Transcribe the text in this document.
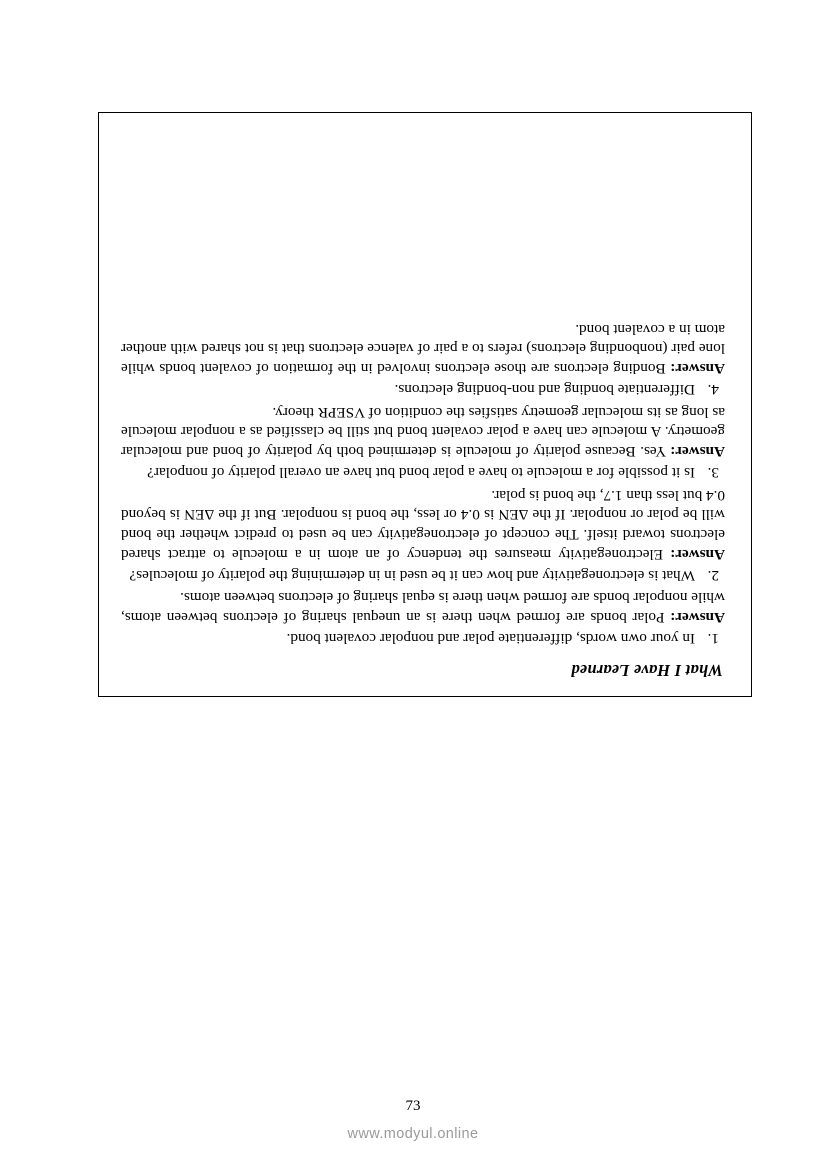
What I Have Learned
1.
In your own words, differentiate polar and nonpolar covalent bond.
Answer: Polar bonds are formed when there is an unequal sharing of electrons between atoms, while nonpolar bonds are formed when there is equal sharing of electrons between atoms.
2.
What is electronegativity and how can it be used in in determining the polarity of molecules?
Answer: Electronegativity measures the tendency of an atom in a molecule to attract shared electrons toward itself. The concept of electronegativity can be used to predict whether the bond will be polar or nonpolar. If the ΔEN is 0.4 or less, the bond is nonpolar. But if the ΔEN is beyond 0.4 but less than 1.7, the bond is polar.
3.
Is it possible for a molecule to have a polar bond but have an overall polarity of nonpolar?
Answer: Yes. Because polarity of molecule is determined both by polarity of bond and molecular geometry. A molecule can have a polar covalent bond but still be classified as a nonpolar molecule as long as its molecular geometry satisfies the condition of VSEPR theory.
4.
Differentiate bonding and non-bonding electrons.
Answer: Bonding electrons are those electrons involved in the formation of covalent bonds while lone pair (nonbonding electrons) refers to a pair of valence electrons that is not shared with another atom in a covalent bond.
73
www.modyul.online
